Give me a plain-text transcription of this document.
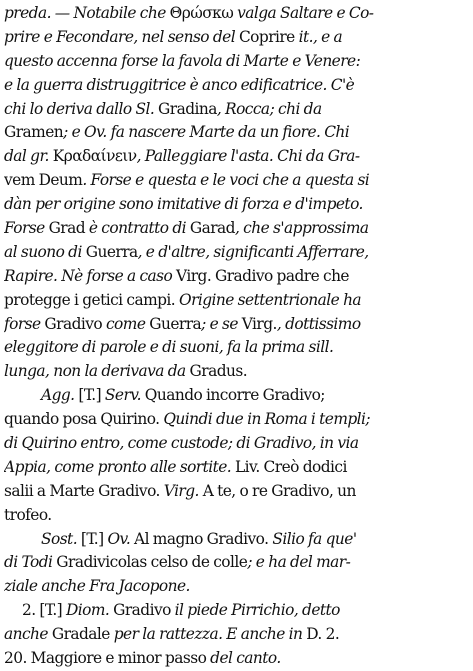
preda. — Notabile che Θρώσκω valga Saltare e Co-
prire e Fecondare, nel senso del Coprire it., e a
questo accenna forse la favola di Marte e Venere:
e la guerra distruggitrice è anco edificatrice. C'è
chi lo deriva dallo Sl. Gradina, Rocca; chi da
Gramen; e Ov. fa nascere Marte da un fiore. Chi
dal gr. Κραδαίνειν, Palleggiare l'asta. Chi da Gra-
vem Deum. Forse e questa e le voci che a questa si
dàn per origine sono imitative di forza e d'impeto.
Forse Grad è contratto di Garad, che s'approssima
al suono di Guerra, e d'altre, significanti Afferrare,
Rapire. Nè forse a caso Virg. Gradivo padre che
protegge i getici campi. Origine settentrionale ha
forse Gradivo come Guerra; e se Virg., dottissimo
eleggitore di parole e di suoni, fa la prima sill.
lunga, non la derivava da Gradus.
Agg. [T.] Serv. Quando incorre Gradivo;
quando posa Quirino. Quindi due in Roma i templi;
di Quirino entro, come custode; di Gradivo, in via
Appia, come pronto alle sortite. Liv. Creò dodici
salii a Marte Gradivo. Virg. A te, o re Gradivo, un
trofeo.
Sost. [T.] Ov. Al magno Gradivo. Silio fa que'
di Todi Gradivicolas celso de colle; e ha del mar-
ziale anche Fra Jacopone.
2. [T.] Diom. Gradivo il piede Pirrichio, detto
anche Gradale per la rattezza. E anche in D. 2.
20. Maggiore e minor passo del canto.
